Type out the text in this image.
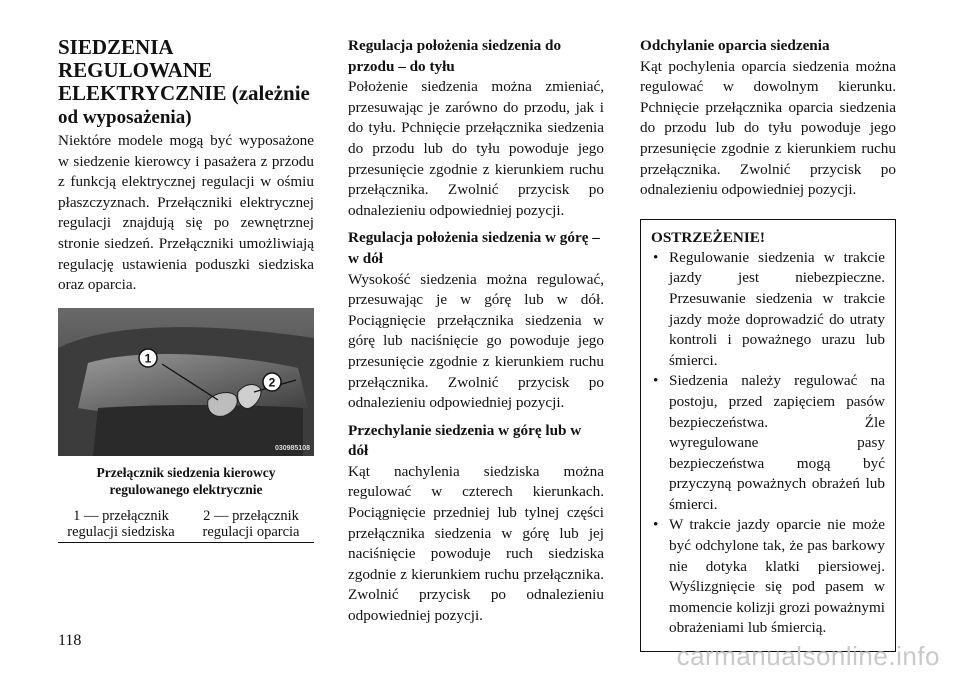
SIEDZENIA REGULOWANE ELEKTRYCZNIE (zależnie
od wyposażenia)

Niektóre modele mogą być wyposażone w siedzenie kierowcy i pasażera z przodu z funkcją elektrycznej regulacji w ośmiu płaszczyznach. Przełączniki elektrycznej regulacji znajdują się po zewnętrznej stronie siedzeń. Przełączniki umożliwiają regulację ustawienia poduszki siedziska oraz oparcia.

1
2
030985108
Przełącznik siedzenia kierowcy regulowanego elektrycznie
1 — przełącznik regulacji siedziska
2 — przełącznik regulacji oparcia
Regulacja położenia siedzenia do przodu – do tyłu

Położenie siedzenia można zmieniać, przesuwając je zarówno do przodu, jak i do tyłu. Pchnięcie przełącznika siedzenia do przodu lub do tyłu powoduje jego przesunięcie zgodnie z kierunkiem ruchu przełącznika. Zwolnić przycisk po odnalezieniu odpowiedniej pozycji.

Regulacja położenia siedzenia w górę – w dół

Wysokość siedzenia można regulować, przesuwając je w górę lub w dół. Pociągnięcie przełącznika siedzenia w górę lub naciśnięcie go powoduje jego przesunięcie zgodnie z kierunkiem ruchu przełącznika. Zwolnić przycisk po odnalezieniu odpowiedniej pozycji.

Przechylanie siedzenia w górę lub w dół

Kąt nachylenia siedziska można regulować w czterech kierunkach. Pociągnięcie przedniej lub tylnej części przełącznika siedzenia w górę lub jej naciśnięcie powoduje ruch siedziska zgodnie z kierunkiem ruchu przełącznika. Zwolnić przycisk po odnalezieniu odpowiedniej pozycji.

Odchylanie oparcia siedzenia

Kąt pochylenia oparcia siedzenia można regulować w dowolnym kierunku. Pchnięcie przełącznika oparcia siedzenia do przodu lub do tyłu powoduje jego przesunięcie zgodnie z kierunkiem ruchu przełącznika. Zwolnić przycisk po odnalezieniu odpowiedniej pozycji.

OSTRZEŻENIE!
• Regulowanie siedzenia w trakcie jazdy jest niebezpieczne. Przesuwanie siedzenia w trakcie jazdy może doprowadzić do utraty kontroli i poważnego urazu lub śmierci.
• Siedzenia należy regulować na postoju, przed zapięciem pasów bezpieczeństwa. Źle wyregulowane pasy bezpieczeństwa mogą być przyczyną poważnych obrażeń lub śmierci.
• W trakcie jazdy oparcie nie może być odchylone tak, że pas barkowy nie dotyka klatki piersiowej. Wyślizgnięcie się pod pasem w momencie kolizji grozi poważnymi obrażeniami lub śmiercią.
118
carmanualsonline.info
